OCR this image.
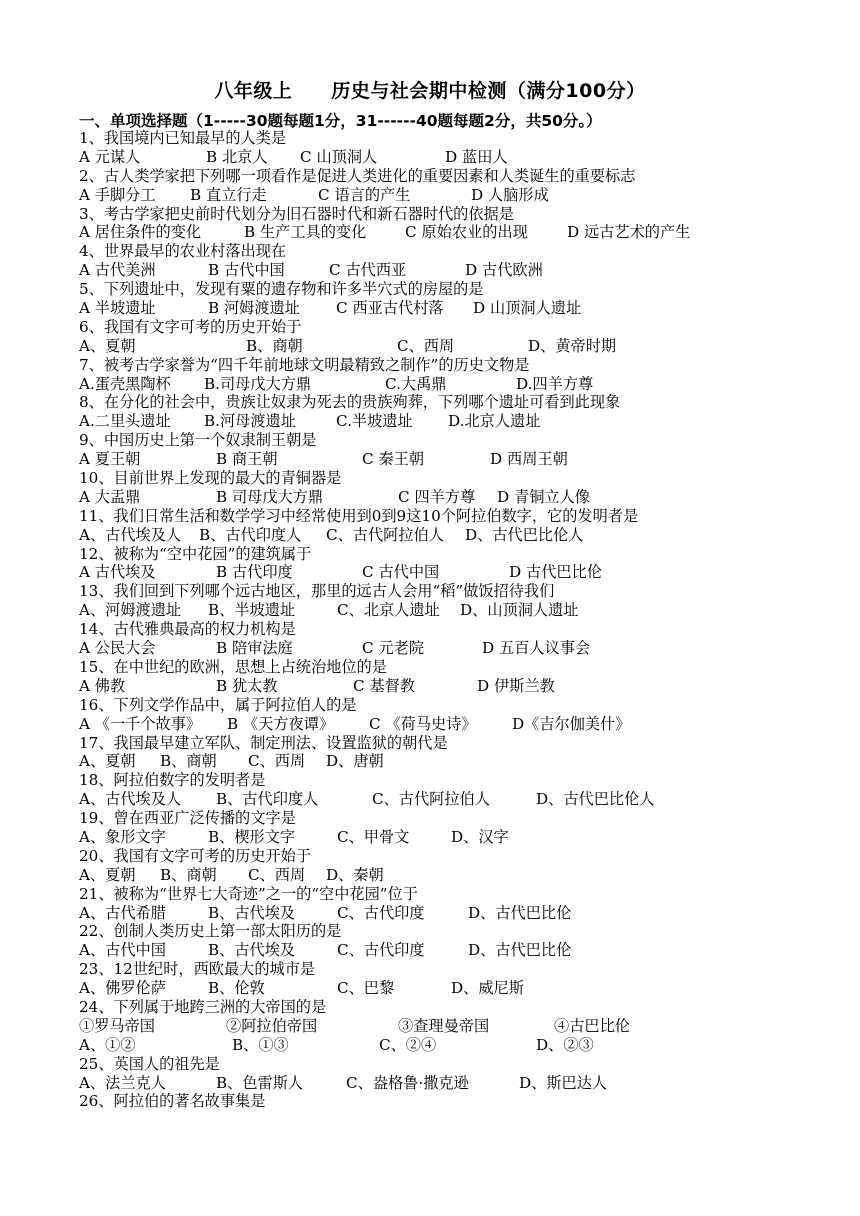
八年级上　　历史与社会期中检测（满分100分）
一、单项选择题（1-----30题每题1分，31------40题每题2分，共50分。）
1、我国境内已知最早的人类是
A 元谋人	B 北京人 C 山顶洞人	D 蓝田人
2、古人类学家把下列哪一项看作是促进人类进化的重要因素和人类诞生的重要标志
A 手脚分工 B 直立行走	C 语言的产生	D 人脑形成
3、考古学家把史前时代划分为旧石器时代和新石器时代的依据是
A 居住条件的变化	B 生产工具的变化	C 原始农业的出现	D 远古艺术的产生
4、世界最早的农业村落出现在
A 古代美洲	B 古代中国	C 古代西亚	D 古代欧洲
5、下列遗址中，发现有粟的遗存物和许多半穴式的房屋的是
A 半坡遗址	B 河姆渡遗址 C 西亚古代村落 D 山顶洞人遗址
6、我国有文字可考的历史开始于
A、夏朝	B、商朝	C、西周	D、黄帝时期
7、被考古学家誉为“四千年前地球文明最精致之制作”的历史文物是
A.蛋壳黑陶杯 B.司母戊大方鼎	C.大禹鼎	D.四羊方尊
8、在分化的社会中，贵族让奴隶为死去的贵族殉葬，下列哪个遗址可看到此现象
A.二里头遗址 B.河母渡遗址	C.半坡遗址 D.北京人遗址
9、中国历史上第一个奴隶制王朝是
A 夏王朝	B 商王朝	C 秦王朝	D 西周王朝
10、目前世界上发现的最大的青铜器是
A 大盂鼎	B 司母戊大方鼎	C 四羊方尊 D 青铜立人像
11、我们日常生活和数学学习中经常使用到0到9这10个阿拉伯数字，它的发明者是
A、古代埃及人 B、古代印度人 C、古代阿拉伯人 D、古代巴比伦人
12、被称为“空中花园”的建筑属于
A 古代埃及	B 古代印度	C 古代中国	D 古代巴比伦
13、我们回到下列哪个远古地区，那里的远古人会用“稻”做饭招待我们
A、河姆渡遗址 B、半坡遗址	C、北京人遗址 D、山顶洞人遗址
14、古代雅典最高的权力机构是
A 公民大会	B 陪审法庭	C 元老院	D 五百人议事会
15、在中世纪的欧洲，思想上占统治地位的是
A 佛教	B 犹太教	C 基督教	D 伊斯兰教
16、下列文学作品中，属于阿拉伯人的是
A 《一千个故事》 B 《天方夜谭》 C 《荷马史诗》 D《吉尔伽美什》
17、我国最早建立军队、制定刑法、设置监狱的朝代是
A、夏朝 B、商朝 C、西周 D、唐朝
18、阿拉伯数字的发明者是
A、古代埃及人 B、古代印度人	C、古代阿拉伯人	D、古代巴比伦人
19、曾在西亚广泛传播的文字是
A、象形文字	B、楔形文字	C、甲骨文	D、汉字
20、我国有文字可考的历史开始于
A、夏朝 B、商朝 C、西周 D、秦朝
21、被称为“世界七大奇迹”之一的“空中花园”位于
A、古代希腊	B、古代埃及	C、古代印度	D、古代巴比伦
22、创制人类历史上第一部太阳历的是
A、古代中国	B、古代埃及	C、古代印度	D、古代巴比伦
23、12世纪时，西欧最大的城市是
A、佛罗伦萨	B、伦敦	C、巴黎	D、威尼斯
24、下列属于地跨三洲的大帝国的是
①罗马帝国	②阿拉伯帝国	③查理曼帝国	④古巴比伦
A、①②	B、①③	C、②④	D、②③
25、英国人的祖先是
A、法兰克人	B、色雷斯人	C、盎格鲁·撒克逊	D、斯巴达人
26、阿拉伯的著名故事集是
